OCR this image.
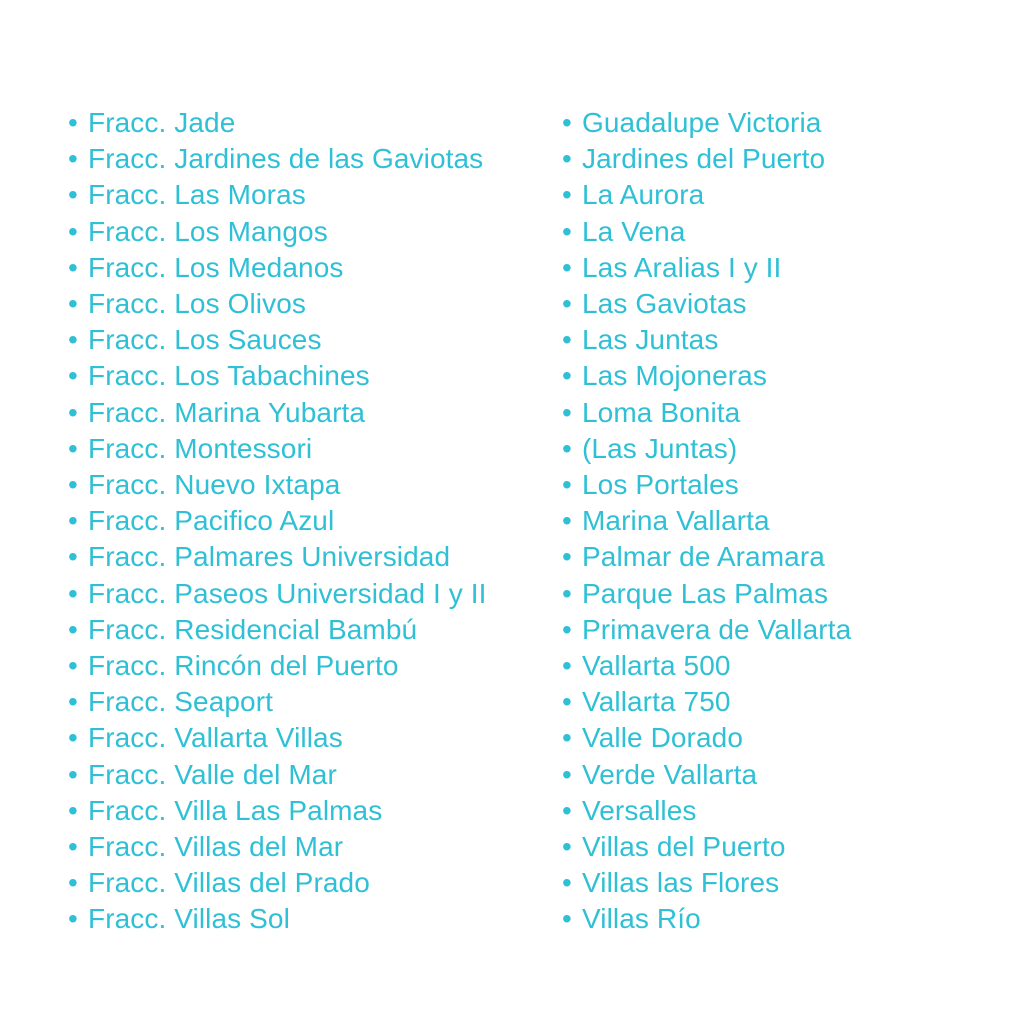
• Fracc. Jade
• Fracc. Jardines de las Gaviotas
• Fracc. Las Moras
• Fracc. Los Mangos
• Fracc. Los Medanos
• Fracc. Los Olivos
• Fracc. Los Sauces
• Fracc. Los Tabachines
• Fracc. Marina Yubarta
• Fracc. Montessori
• Fracc. Nuevo Ixtapa
• Fracc. Pacifico Azul
• Fracc. Palmares Universidad
• Fracc. Paseos Universidad I y II
• Fracc. Residencial Bambú
• Fracc. Rincón del Puerto
• Fracc. Seaport
• Fracc. Vallarta Villas
• Fracc. Valle del Mar
• Fracc. Villa Las Palmas
• Fracc. Villas del Mar
• Fracc. Villas del Prado
• Fracc. Villas Sol
• Guadalupe Victoria
• Jardines del Puerto
• La Aurora
• La Vena
• Las Aralias I y II
• Las Gaviotas
• Las Juntas
• Las Mojoneras
• Loma Bonita
• (Las Juntas)
• Los Portales
• Marina Vallarta
• Palmar de Aramara
• Parque Las Palmas
• Primavera de Vallarta
• Vallarta 500
• Vallarta 750
• Valle Dorado
• Verde Vallarta
• Versalles
• Villas del Puerto
• Villas las Flores
• Villas Río
